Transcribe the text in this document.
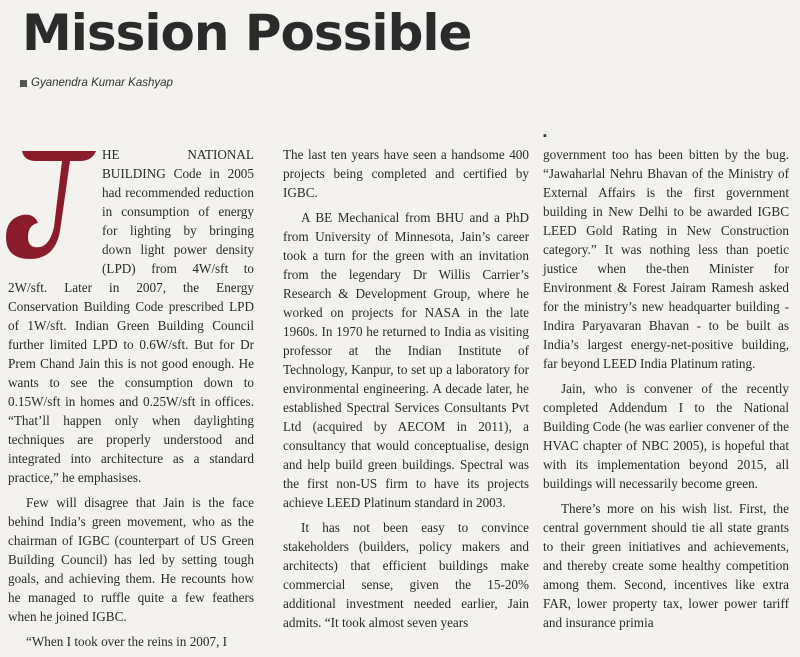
Mission Possible
Gyanendra Kumar Kashyap
▪

HE NATIONAL BUILDING Code in 2005 had recommended reduction in consumption of energy for lighting by bringing down light power density (LPD) from 4W/sft to 2W/sft. Later in 2007, the Energy Conservation Building Code prescribed LPD of 1W/sft. Indian Green Building Council further limited LPD to 0.6W/sft. But for Dr Prem Chand Jain this is not good enough. He wants to see the consumption down to 0.15W/sft in homes and 0.25W/sft in offices. “That’ll happen only when daylighting techniques are properly understood and integrated into architecture as a standard practice,” he emphasises.

Few will disagree that Jain is the face behind India’s green movement, who as the chairman of IGBC (counterpart of US Green Building Council) has led by setting tough goals, and achieving them. He recounts how he managed to ruffle quite a few feathers when he joined IGBC.

“When I took over the reins in 2007, I

The last ten years have seen a handsome 400 projects being completed and certified by IGBC.

A BE Mechanical from BHU and a PhD from University of Minnesota, Jain’s career took a turn for the green with an invitation from the legendary Dr Willis Carrier’s Research & Development Group, where he worked on projects for NASA in the late 1960s. In 1970 he returned to India as visiting professor at the Indian Institute of Technology, Kanpur, to set up a laboratory for environmental engineering. A decade later, he established Spectral Services Consultants Pvt Ltd (acquired by AECOM in 2011), a consultancy that would conceptualise, design and help build green buildings. Spectral was the first non-US firm to have its projects achieve LEED Platinum standard in 2003.

It has not been easy to convince stakeholders (builders, policy makers and architects) that efficient buildings make commercial sense, given the 15-20% additional investment needed earlier, Jain admits. “It took almost seven years

government too has been bitten by the bug. “Jawaharlal Nehru Bhavan of the Ministry of External Affairs is the first government building in New Delhi to be awarded IGBC LEED Gold Rating in New Construction category.” It was nothing less than poetic justice when the-then Minister for Environment & Forest Jairam Ramesh asked for the ministry’s new headquarter building - Indira Paryavaran Bhavan - to be built as India’s largest energy-net-positive building, far beyond LEED India Platinum rating.

Jain, who is convener of the recently completed Addendum I to the National Building Code (he was earlier convener of the HVAC chapter of NBC 2005), is hopeful that with its implementation beyond 2015, all buildings will necessarily become green.

There’s more on his wish list. First, the central government should tie all state grants to their green initiatives and achievements, and thereby create some healthy competition among them. Second, incentives like extra FAR, lower property tax, lower power tariff and insurance primia
